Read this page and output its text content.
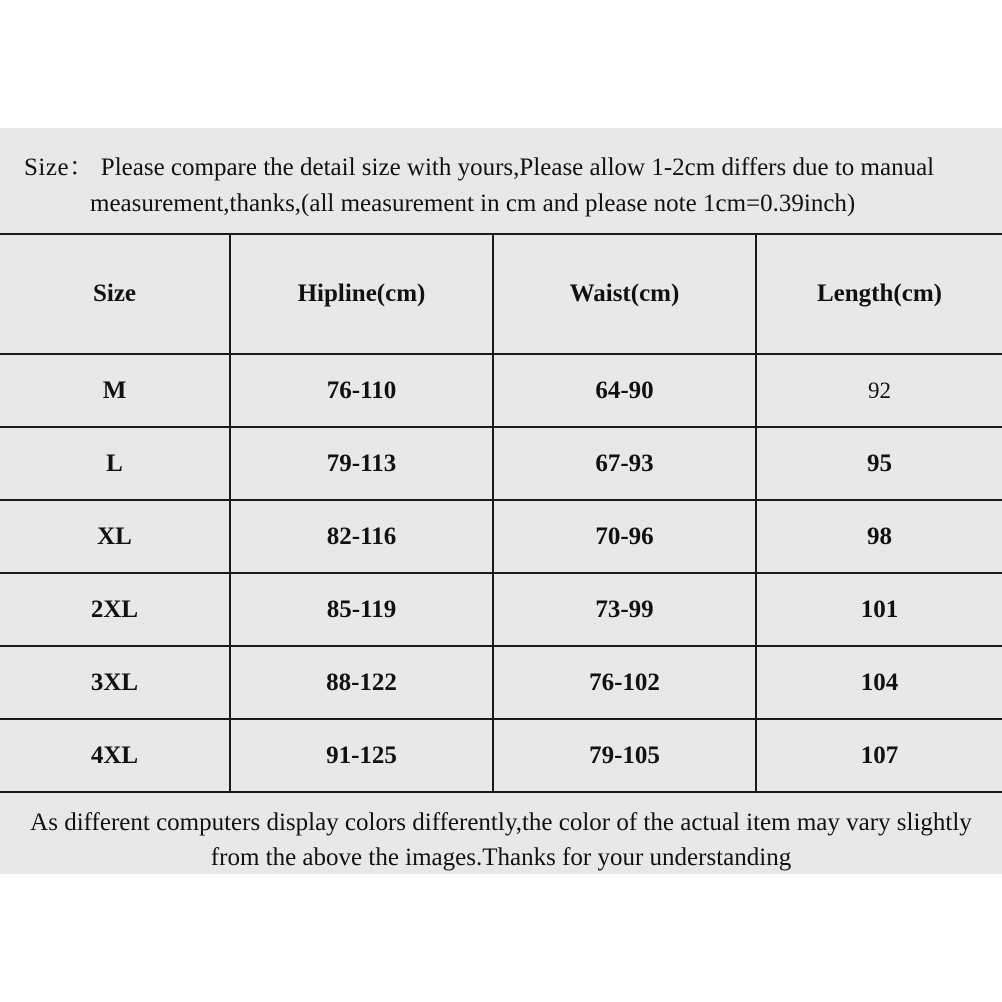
Size： Please compare the detail size with yours,Please allow 1-2cm differs due to manual
measurement,thanks,(all measurement in cm and please note 1cm=0.39inch)
Size	Hipline(cm)	Waist(cm)	Length(cm)
M	76-110	64-90	92
L	79-113	67-93	95
XL	82-116	70-96	98
2XL	85-119	73-99	101
3XL	88-122	76-102	104
4XL	91-125	79-105	107
As different computers display colors differently,the color of the actual item may vary slightly
from the above the images.Thanks for your understanding
